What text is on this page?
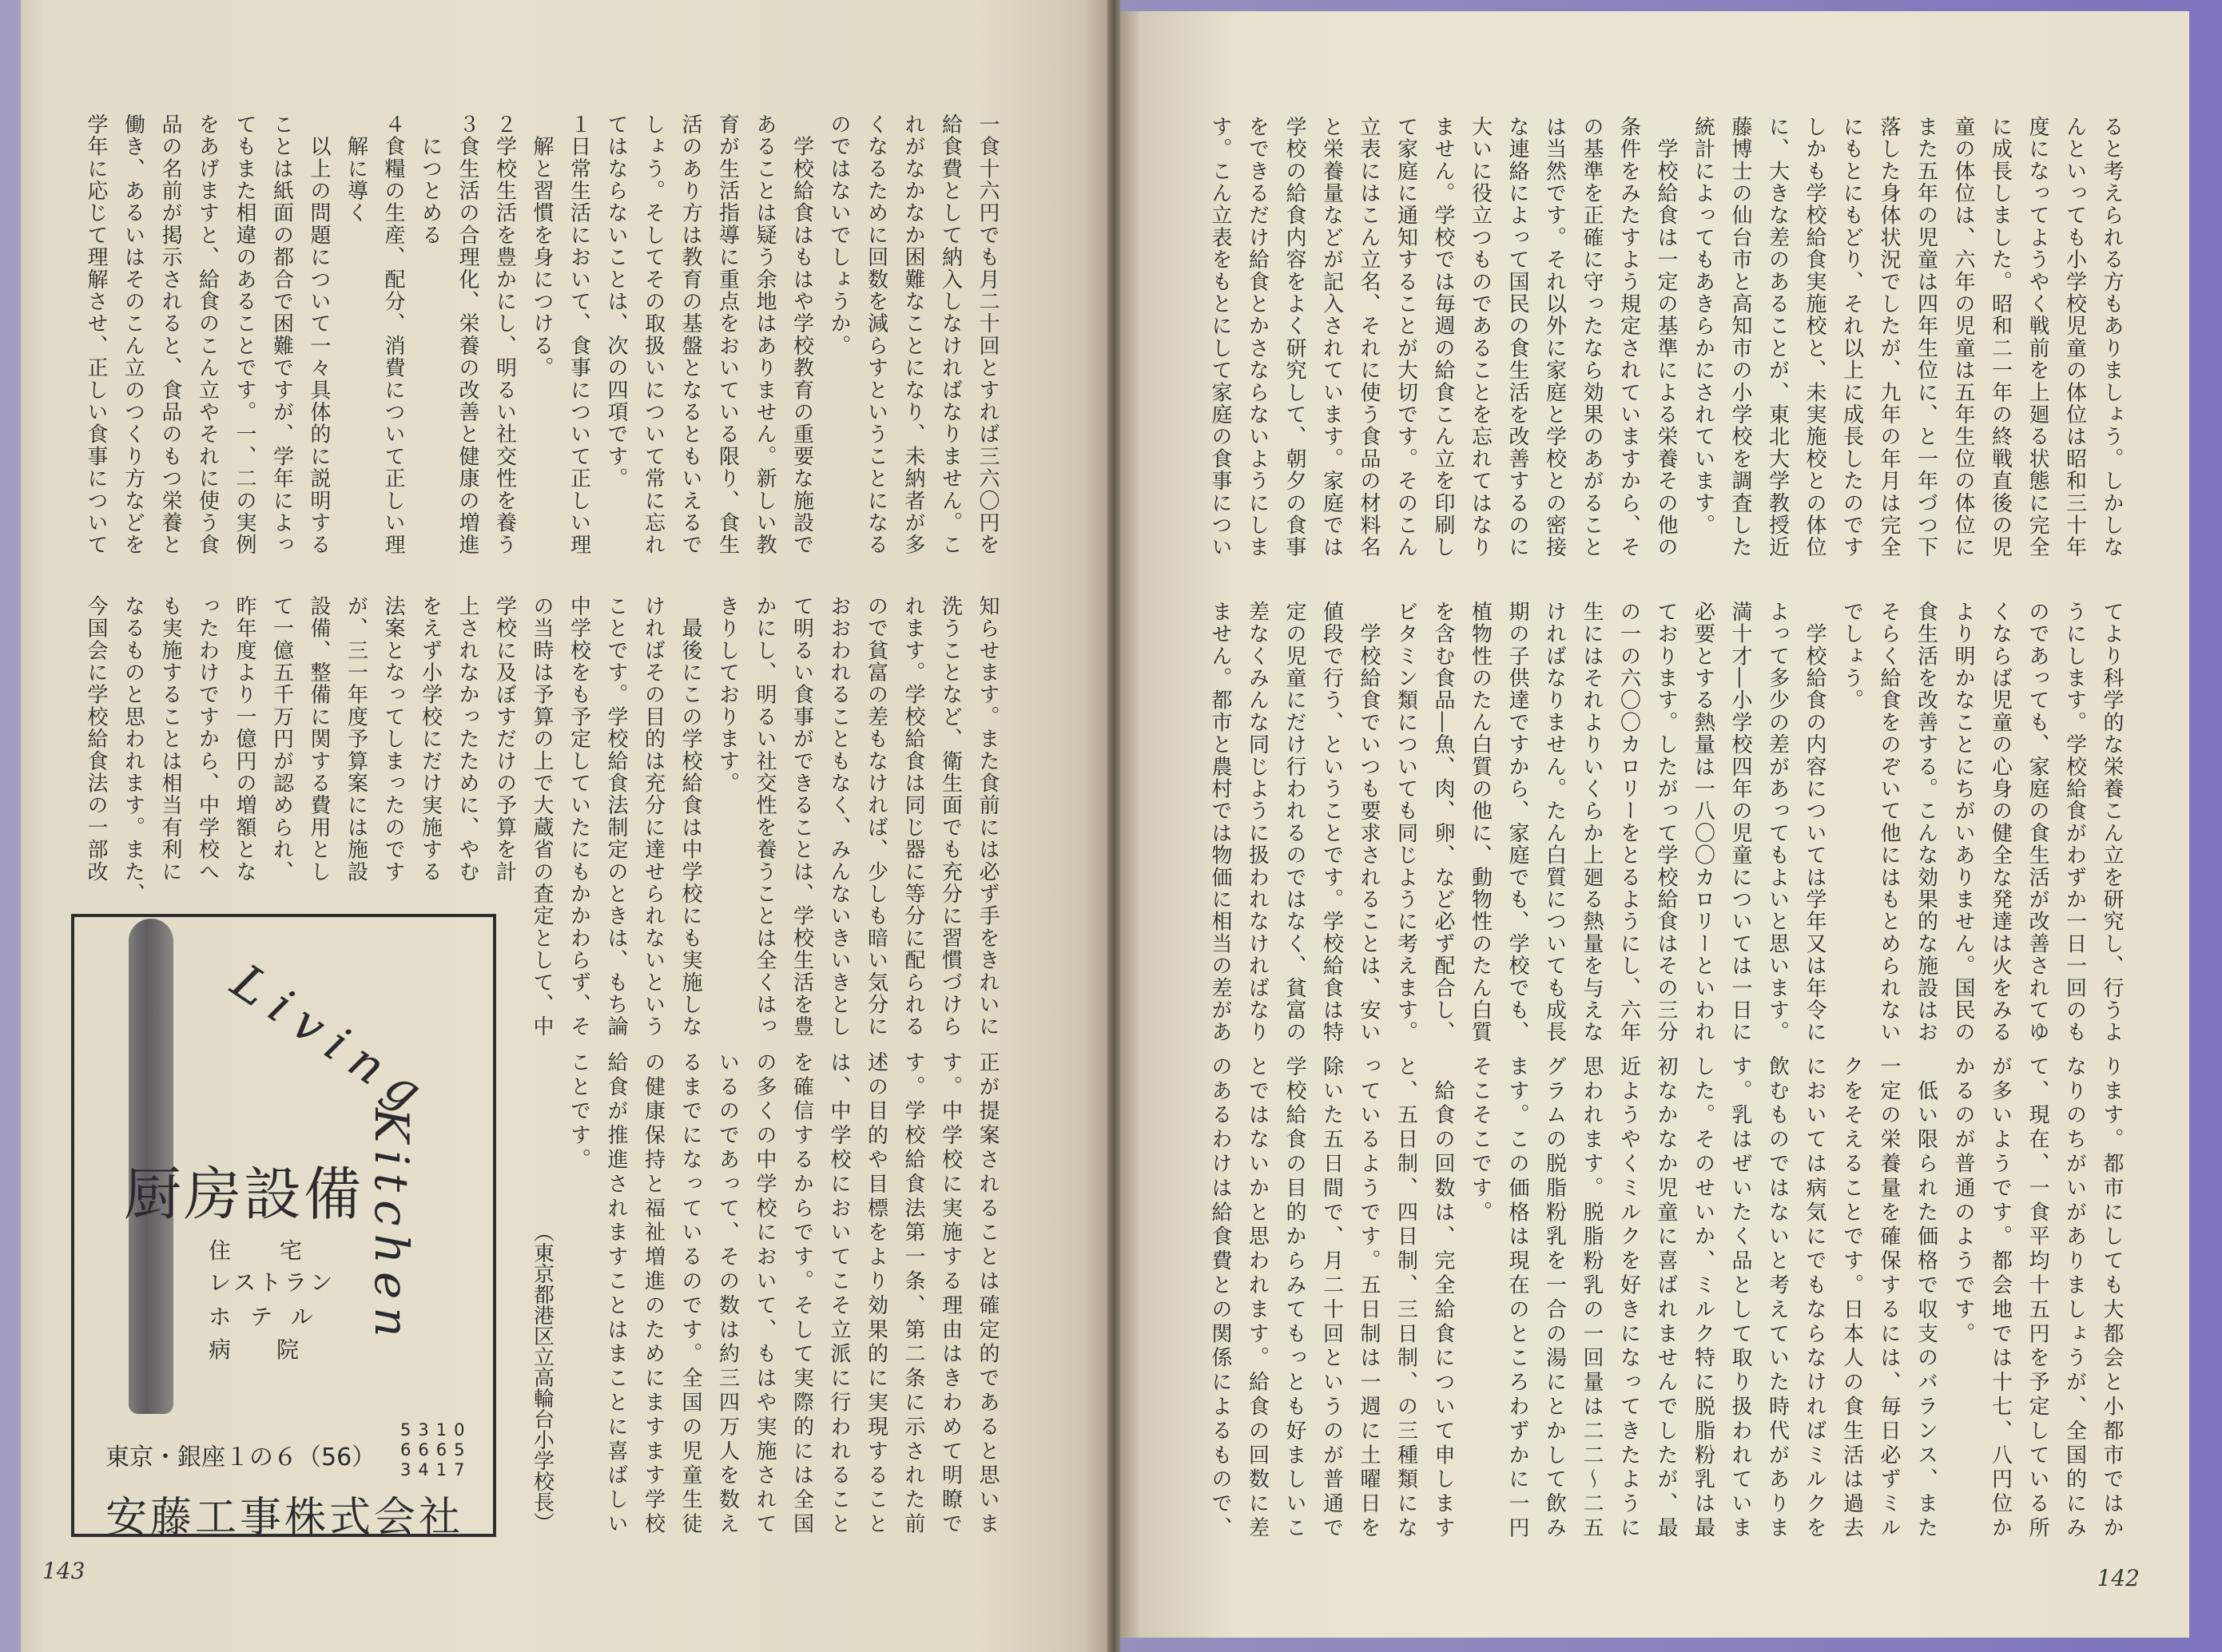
一食十六円でも月二十回とすれば三六〇円を
給食費として納入しなければなりません。こ
れがなかなか困難なことになり、未納者が多
くなるために回数を減らすということになる
のではないでしょうか。
　学校給食はもはや学校教育の重要な施設で
あることは疑う余地はありません。新しい教
育が生活指導に重点をおいている限り、食生
活のあり方は教育の基盤となるともいえるで
しょう。そしてその取扱いについて常に忘れ
てはならないことは、次の四項です。
１日常生活において、食事について正しい理
　解と習慣を身につける。
２学校生活を豊かにし、明るい社交性を養う
３食生活の合理化、栄養の改善と健康の増進
　につとめる
４食糧の生産、配分、消費について正しい理
　解に導く
　以上の問題について一々具体的に説明する
ことは紙面の都合で困難ですが、学年によっ
てもまた相違のあることです。一、二の実例
をあげますと、給食のこん立やそれに使う食
品の名前が掲示されると、食品のもつ栄養と
働き、あるいはそのこん立のつくり方などを
学年に応じて理解させ、正しい食事について
知らせます。また食前には必ず手をきれいに
洗うことなど、衛生面でも充分に習慣づけら
れます。学校給食は同じ器に等分に配られる
ので貧富の差もなければ、少しも暗い気分に
おおわれることもなく、みんないきいきとし
て明るい食事ができることは、学校生活を豊
かにし、明るい社交性を養うことは全くはっ
きりしております。
　最後にこの学校給食は中学校にも実施しな
ければその目的は充分に達せられないという
ことです。学校給食法制定のときは、もち論
中学校をも予定していたにもかかわらず、そ
の当時は予算の上で大蔵省の査定として、中
学校に及ぼすだけの予算を計
上されなかったために、やむ
をえず小学校にだけ実施する
法案となってしまったのです
が、三一年度予算案には施設
設備、整備に関する費用とし
て一億五千万円が認められ、
昨年度より一億円の増額とな
ったわけですから、中学校へ
も実施することは相当有利に
なるものと思われます。また、
今国会に学校給食法の一部改
正が提案されることは確定的であると思いま
す。中学校に実施する理由はきわめて明瞭で
す。学校給食法第一条、第二条に示された前
述の目的や目標をより効果的に実現すること
は、中学校においてこそ立派に行われること
を確信するからです。そして実際的には全国
の多くの中学校において、もはや実施されて
いるのであって、その数は約三四万人を数え
るまでになっているのです。全国の児童生徒
の健康保持と福祉増進のためにますます学校
給食が推進されますことはまことに喜ばしい
ことです。
（東京都港区立高輪台小学校長）
Living
Kitchen
厨房設備
住宅
レストラン
ホテル
病院
東京・銀座１の６（56）
5310
6665
3417
安藤工事株式会社
143
ると考えられる方もありましょう。しかしな
んといっても小学校児童の体位は昭和三十年
度になってようやく戦前を上廻る状態に完全
に成長しました。昭和二一年の終戦直後の児
童の体位は、六年の児童は五年生位の体位に
また五年の児童は四年生位に、と一年づつ下
落した身体状況でしたが、九年の年月は完全
にもとにもどり、それ以上に成長したのです
しかも学校給食実施校と、未実施校との体位
に、大きな差のあることが、東北大学教授近
藤博士の仙台市と高知市の小学校を調査した
統計によってもあきらかにされています。
　学校給食は一定の基準による栄養その他の
条件をみたすよう規定されていますから、そ
の基準を正確に守ったなら効果のあがること
は当然です。それ以外に家庭と学校との密接
な連絡によって国民の食生活を改善するのに
大いに役立つものであることを忘れてはなり
ません。学校では毎週の給食こん立を印刷し
て家庭に通知することが大切です。そのこん
立表にはこん立名、それに使う食品の材料名
と栄養量などが記入されています。家庭では
学校の給食内容をよく研究して、朝夕の食事
をできるだけ給食とかさならないようにしま
す。こん立表をもとにして家庭の食事につい
てより科学的な栄養こん立を研究し、行うよ
うにします。学校給食がわずか一日一回のも
のであっても、家庭の食生活が改善されてゆ
くならば児童の心身の健全な発達は火をみる
より明かなことにちがいありません。国民の
食生活を改善する。こんな効果的な施設はお
そらく給食をのぞいて他にはもとめられない
でしょう。
　学校給食の内容については学年又は年令に
よって多少の差があってもよいと思います。
満十才―小学校四年の児童については一日に
必要とする熱量は一八〇〇カロリーといわれ
ております。したがって学校給食はその三分
の一の六〇〇カロリーをとるようにし、六年
生にはそれよりいくらか上廻る熱量を与えな
ければなりません。たん白質についても成長
期の子供達ですから、家庭でも、学校でも、
植物性のたん白質の他に、動物性のたん白質
を含む食品―魚、肉、卵、など必ず配合し、
ビタミン類についても同じように考えます。
　学校給食でいつも要求されることは、安い
値段で行う、ということです。学校給食は特
定の児童にだけ行われるのではなく、貧富の
差なくみんな同じように扱われなければなり
ません。都市と農村では物価に相当の差があ
ります。都市にしても大都会と小都市ではか
なりのちがいがありましょうが、全国的にみ
て、現在、一食平均十五円を予定している所
が多いようです。都会地では十七、八円位か
かるのが普通のようです。
　低い限られた価格で収支のバランス、また
一定の栄養量を確保するには、毎日必ずミル
クをそえることです。日本人の食生活は過去
においては病気にでもならなければミルクを
飲むものではないと考えていた時代がありま
す。乳はぜいたく品として取り扱われていま
した。そのせいか、ミルク特に脱脂粉乳は最
初なかなか児童に喜ばれませんでしたが、最
近ようやくミルクを好きになってきたように
思われます。脱脂粉乳の一回量は二二～二五
グラムの脱脂粉乳を一合の湯にとかして飲み
ます。この価格は現在のところわずかに一円
そこそこです。
　給食の回数は、完全給食について申します
と、五日制、四日制、三日制、の三種類にな
っているようです。五日制は一週に土曜日を
除いた五日間で、月二十回というのが普通で
学校給食の目的からみてもっとも好ましいこ
とではないかと思われます。給食の回数に差
のあるわけは給食費との関係によるもので、
142
